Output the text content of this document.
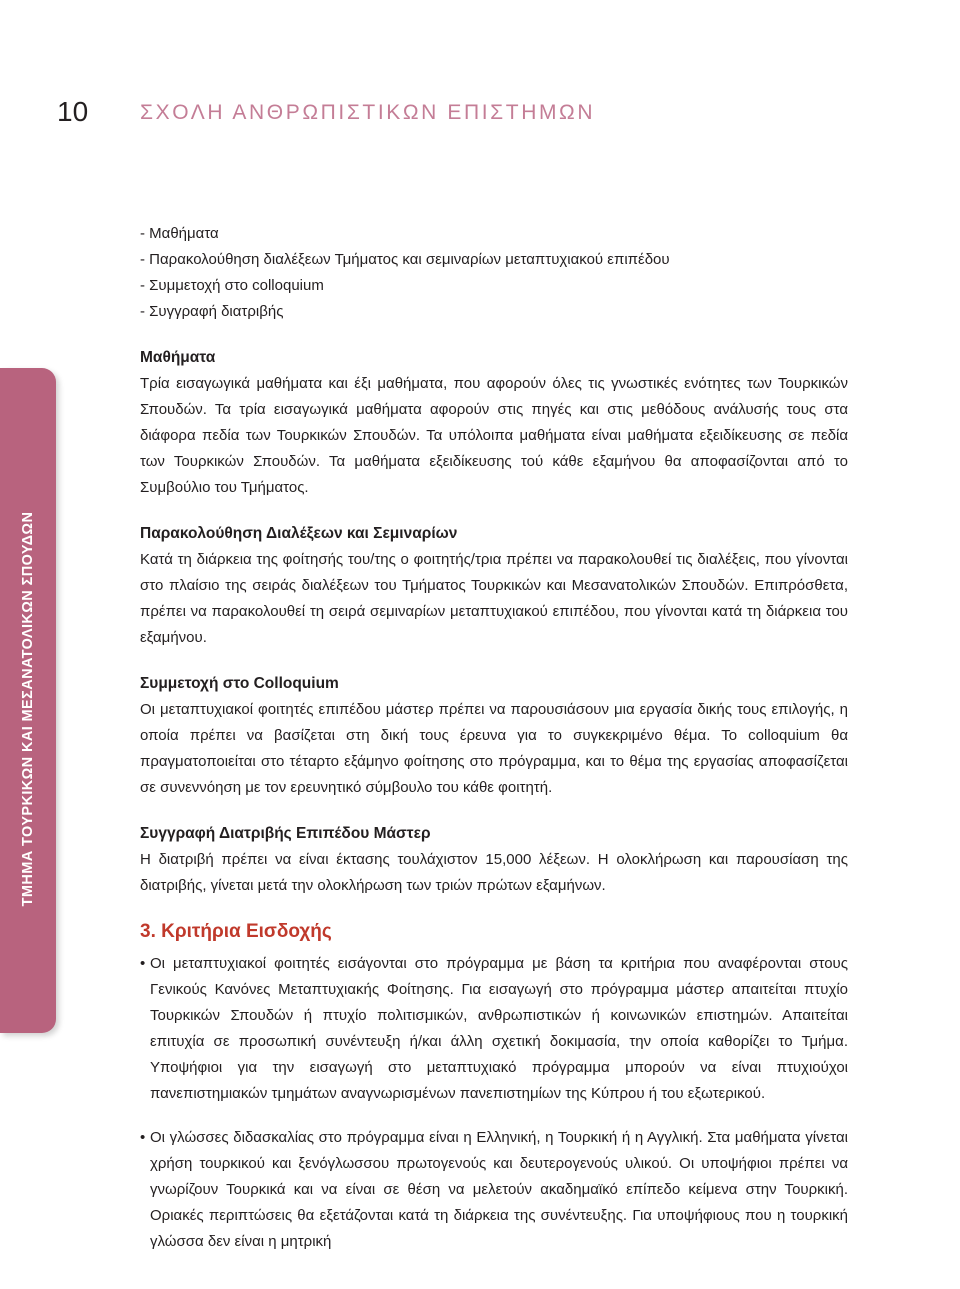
10 ΣΧΟΛΗ ΑΝΘΡΩΠΙΣΤΙΚΩΝ ΕΠΙΣΤΗΜΩΝ
ΤΜΗΜΑ ΤΟΥΡΚΙΚΩΝ ΚΑΙ ΜΕΣΑΝΑΤΟΛΙΚΩΝ ΣΠΟΥΔΩΝ

- Μαθήματα

- Παρακολούθηση διαλέξεων Τμήματος και σεμιναρίων μεταπτυχιακού επιπέδου

- Συμμετοχή στο colloquium

- Συγγραφή διατριβής

Μαθήματα

Τρία εισαγωγικά μαθήματα και έξι μαθήματα, που αφορούν όλες τις γνωστικές ενότητες των Τουρκικών Σπουδών. Τα τρία εισαγωγικά μαθήματα αφορούν στις πηγές και στις μεθόδους ανάλυσής τους στα διάφορα πεδία των Τουρκικών Σπουδών. Τα υπόλοιπα μαθήματα είναι μαθήματα εξειδίκευσης σε πεδία των Τουρκικών Σπουδών. Τα μαθήματα εξειδίκευσης τού κάθε εξαμήνου θα αποφασίζονται από το Συμβούλιο του Τμήματος.

Παρακολούθηση Διαλέξεων και Σεμιναρίων

Κατά τη διάρκεια της φοίτησής του/της ο φοιτητής/τρια πρέπει να παρακολουθεί τις διαλέξεις, που γίνονται στο πλαίσιο της σειράς διαλέξεων του Τμήματος Τουρκικών και Μεσανατολικών Σπουδών. Επιπρόσθετα, πρέπει να παρακολουθεί τη σειρά σεμιναρίων μεταπτυχιακού επιπέδου, που γίνονται κατά τη διάρκεια του εξαμήνου.

Συμμετοχή στο Colloquium

Οι μεταπτυχιακοί φοιτητές επιπέδου μάστερ πρέπει να παρουσιάσουν μια εργασία δικής τους επιλογής, η οποία πρέπει να βασίζεται στη δική τους έρευνα για το συγκεκριμένο θέμα. Το colloquium θα πραγματοποιείται στο τέταρτο εξάμηνο φοίτησης στο πρόγραμμα, και το θέμα της εργασίας αποφασίζεται σε συνεννόηση με τον ερευνητικό σύμβουλο του κάθε φοιτητή.

Συγγραφή Διατριβής Επιπέδου Μάστερ

Η διατριβή πρέπει να είναι έκτασης τουλάχιστον 15,000 λέξεων. Η ολοκλήρωση και παρουσίαση της διατριβής, γίνεται μετά την ολοκλήρωση των τριών πρώτων εξαμήνων.

3. Κριτήρια Εισδοχής

• Οι μεταπτυχιακοί φοιτητές εισάγονται στο πρόγραμμα με βάση τα κριτήρια που αναφέρονται στους Γενικούς Κανόνες Μεταπτυχιακής Φοίτησης. Για εισαγωγή στο πρόγραμμα μάστερ απαιτείται πτυχίο Τουρκικών Σπουδών ή πτυχίο πολιτισμικών, ανθρωπιστικών ή κοινωνικών επιστημών. Απαιτείται επιτυχία σε προσωπική συνέντευξη ή/και άλλη σχετική δοκιμασία, την οποία καθορίζει το Τμήμα. Υποψήφιοι για την εισαγωγή στο μεταπτυχιακό πρόγραμμα μπορούν να είναι πτυχιούχοι πανεπιστημιακών τμημάτων αναγνωρισμένων πανεπιστημίων της Κύπρου ή του εξωτερικού.

• Οι γλώσσες διδασκαλίας στο πρόγραμμα είναι η Ελληνική, η Τουρκική ή η Αγγλική. Στα μαθήματα γίνεται χρήση τουρκικού και ξενόγλωσσου πρωτογενούς και δευτερογενούς υλικού. Οι υποψήφιοι πρέπει να γνωρίζουν Τουρκικά και να είναι σε θέση να μελετούν ακαδημαϊκό επίπεδο κείμενα στην Τουρκική. Οριακές περιπτώσεις θα εξετάζονται κατά τη διάρκεια της συνέντευξης. Για υποψήφιους που η τουρκική γλώσσα δεν είναι η μητρική
